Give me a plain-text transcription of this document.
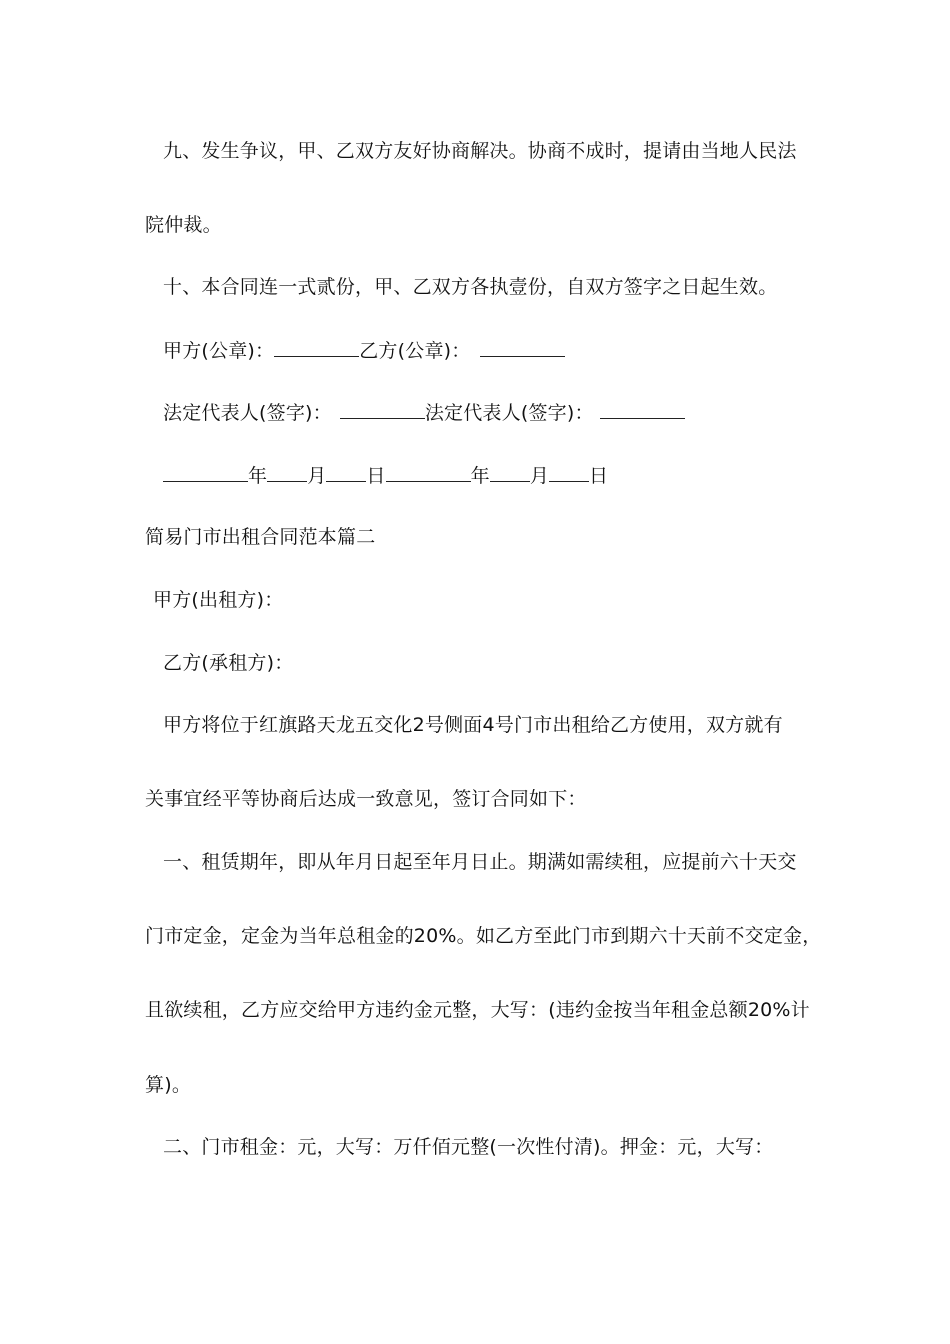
九、发生争议，甲、乙双方友好协商解决。协商不成时，提请由当地人民法
院仲裁。
十、本合同连一式贰份，甲、乙双方各执壹份，自双方签字之日起生效。
甲方(公章)：	乙方(公章)：
法定代表人(签字)：	法定代表人(签字)：
年 月 日	年 月 日
简易门市出租合同范本篇二
甲方(出租方)：
乙方(承租方)：
甲方将位于红旗路天龙五交化2号侧面4号门市出租给乙方使用，双方就有
关事宜经平等协商后达成一致意见，签订合同如下：
一、租赁期年，即从年月日起至年月日止。期满如需续租，应提前六十天交
门市定金，定金为当年总租金的20%。如乙方至此门市到期六十天前不交定金，
且欲续租，乙方应交给甲方违约金元整，大写：(违约金按当年租金总额20%计
算)。
二、门市租金：元，大写：万仟佰元整(一次性付清)。押金：元，大写：
